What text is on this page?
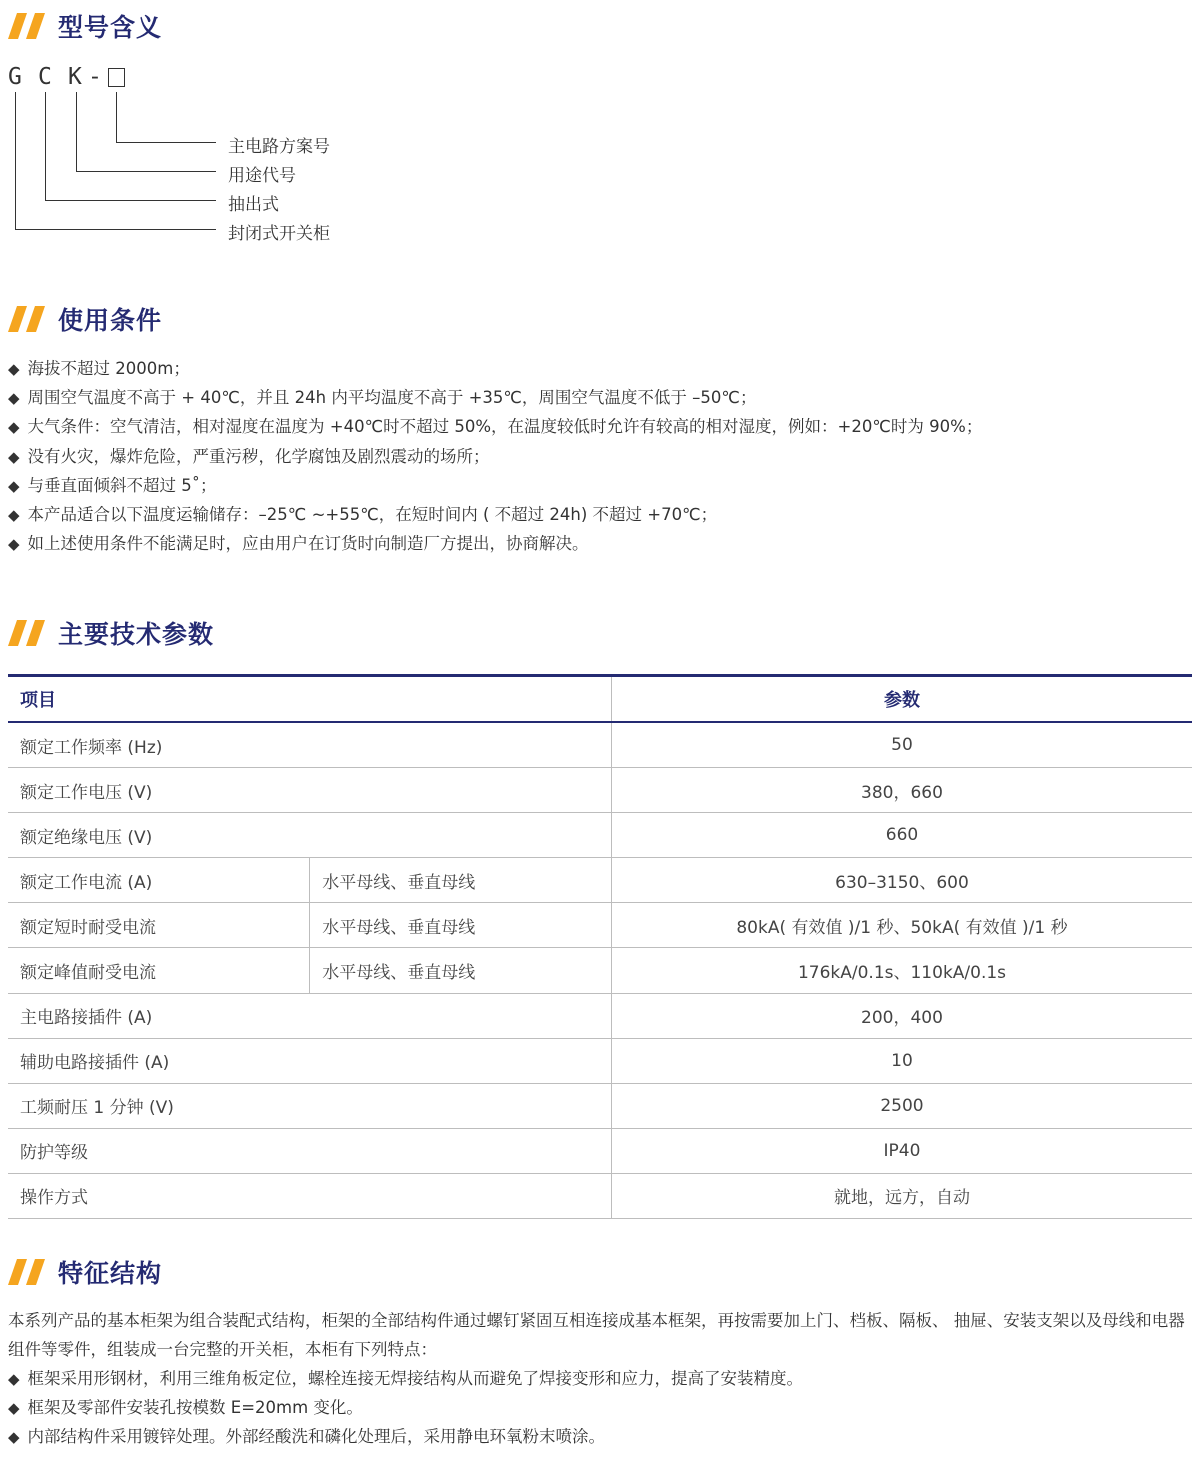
型号含义
G C K -
主电路方案号
用途代号
抽出式
封闭式开关柜
使用条件
◆ 海拔不超过 2000m；
◆ 周围空气温度不高于 + 40℃，并且 24h 内平均温度不高于 +35℃，周围空气温度不低于 –50℃；
◆ 大气条件：空气清洁，相对湿度在温度为 +40℃时不超过 50%，在温度较低时允许有较高的相对湿度，例如：+20℃时为 90%；
◆ 没有火灾，爆炸危险，严重污秽，化学腐蚀及剧烈震动的场所；
◆ 与垂直面倾斜不超过 5˚；
◆ 本产品适合以下温度运输储存：–25℃ ~+55℃，在短时间内 ( 不超过 24h) 不超过 +70℃；
◆ 如上述使用条件不能满足时，应由用户在订货时向制造厂方提出，协商解决。
主要技术参数
项目		参数
额定工作频率 (Hz)		50
额定工作电压 (V)		380，660
额定绝缘电压 (V)		660
额定工作电流 (A)	水平母线、垂直母线	630–3150、600
额定短时耐受电流	水平母线、垂直母线	80kA( 有效值 )/1 秒、50kA( 有效值 )/1 秒
额定峰值耐受电流	水平母线、垂直母线	176kA/0.1s、110kA/0.1s
主电路接插件 (A)		200，400
辅助电路接插件 (A)		10
工频耐压 1 分钟 (V)		2500
防护等级		IP40
操作方式		就地，远方，自动
特征结构

本系列产品的基本柜架为组合装配式结构，柜架的全部结构件通过螺钉紧固互相连接成基本框架，再按需要加上门、档板、隔板、 抽屉、安装支架以及母线和电器组件等零件，组装成一台完整的开关柜，本柜有下列特点：

◆ 框架采用形钢材，利用三维角板定位，螺栓连接无焊接结构从而避免了焊接变形和应力，提高了安装精度。
◆ 框架及零部件安装孔按模数 E=20mm 变化。
◆ 内部结构件采用镀锌处理。外部经酸洗和磷化处理后，采用静电环氧粉末喷涂。
